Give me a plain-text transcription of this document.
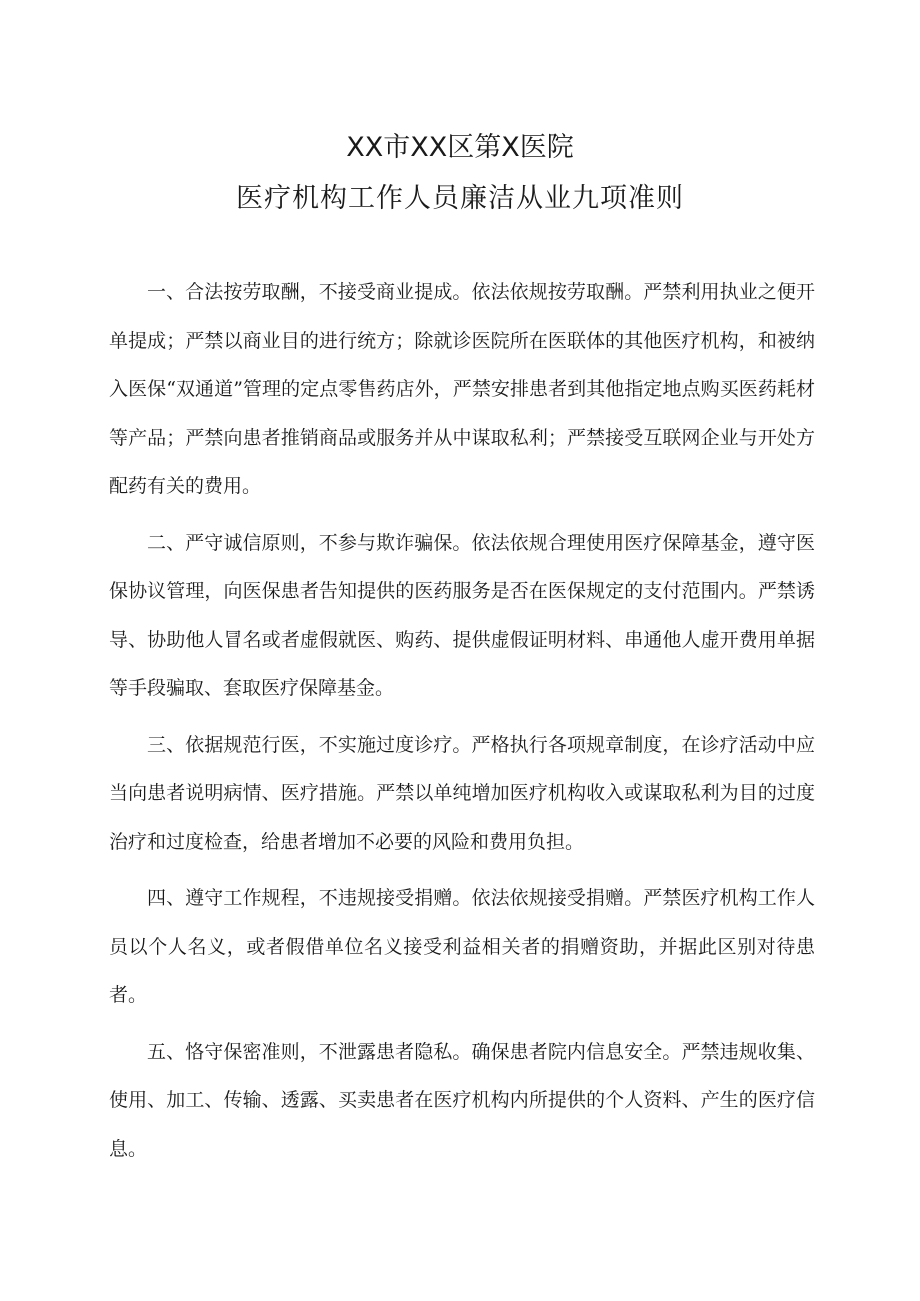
XX市XX区第X医院
医疗机构工作人员廉洁从业九项准则

一、合法按劳取酬，不接受商业提成。依法依规按劳取酬。严禁利用执业之便开单提成；严禁以商业目的进行统方；除就诊医院所在医联体的其他医疗机构，和被纳入医保“双通道”管理的定点零售药店外，严禁安排患者到其他指定地点购买医药耗材等产品；严禁向患者推销商品或服务并从中谋取私利；严禁接受互联网企业与开处方配药有关的费用。

二、严守诚信原则，不参与欺诈骗保。依法依规合理使用医疗保障基金，遵守医保协议管理，向医保患者告知提供的医药服务是否在医保规定的支付范围内。严禁诱导、协助他人冒名或者虚假就医、购药、提供虚假证明材料、串通他人虚开费用单据等手段骗取、套取医疗保障基金。

三、依据规范行医，不实施过度诊疗。严格执行各项规章制度，在诊疗活动中应当向患者说明病情、医疗措施。严禁以单纯增加医疗机构收入或谋取私利为目的过度治疗和过度检查，给患者增加不必要的风险和费用负担。

四、遵守工作规程，不违规接受捐赠。依法依规接受捐赠。严禁医疗机构工作人员以个人名义，或者假借单位名义接受利益相关者的捐赠资助，并据此区别对待患者。

五、恪守保密准则，不泄露患者隐私。确保患者院内信息安全。严禁违规收集、使用、加工、传输、透露、买卖患者在医疗机构内所提供的个人资料、产生的医疗信息。
